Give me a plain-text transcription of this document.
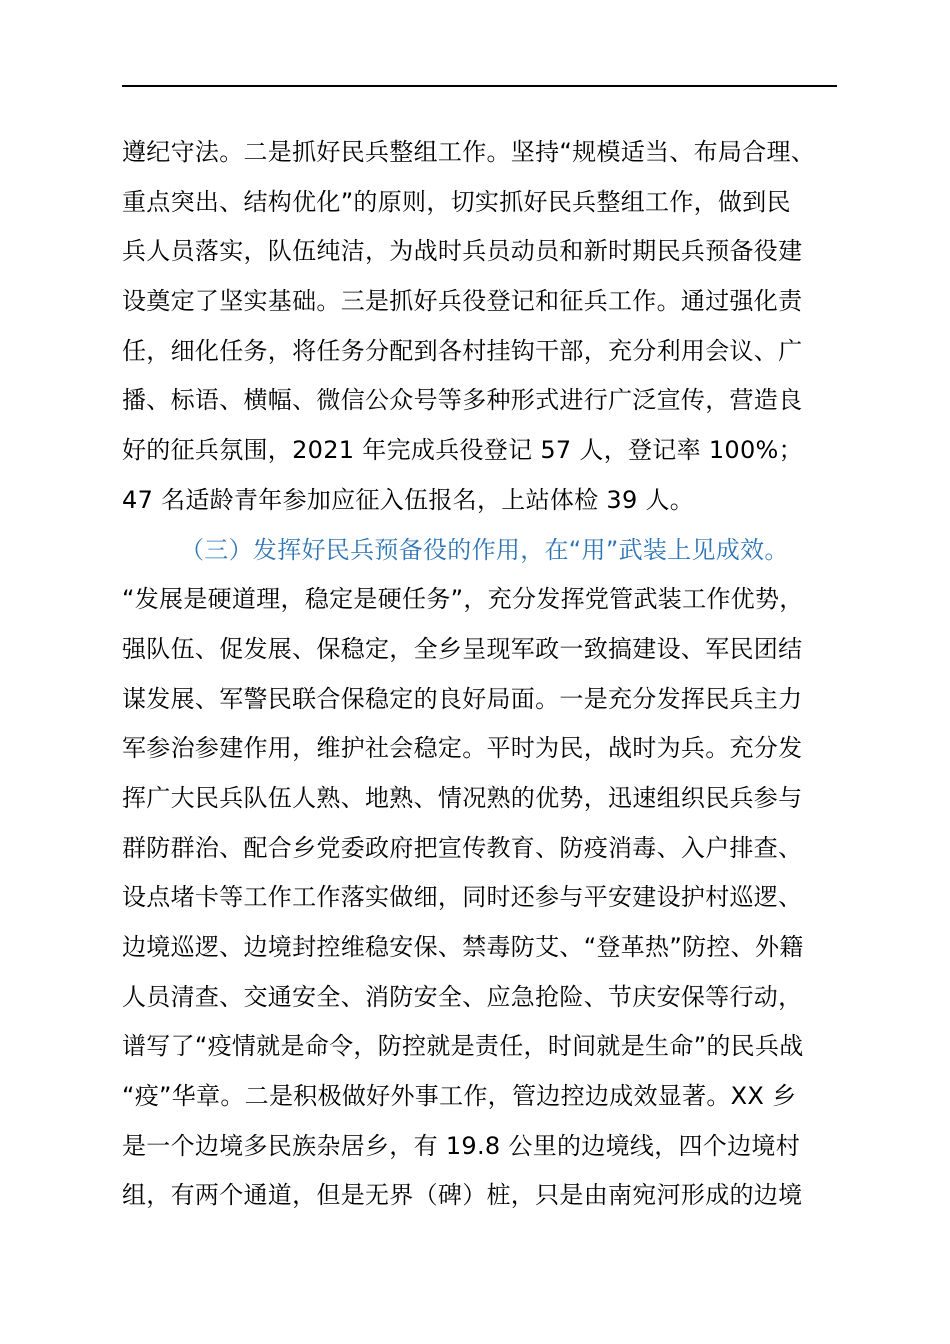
遵纪守法。二是抓好民兵整组工作。坚持“规模适当、布局合理、
重点突出、结构优化”的原则，切实抓好民兵整组工作，做到民
兵人员落实，队伍纯洁，为战时兵员动员和新时期民兵预备役建
设奠定了坚实基础。三是抓好兵役登记和征兵工作。通过强化责
任，细化任务，将任务分配到各村挂钩干部，充分利用会议、广
播、标语、横幅、微信公众号等多种形式进行广泛宣传，营造良
好的征兵氛围，2021 年完成兵役登记 57 人，登记率 100%；
47 名适龄青年参加应征入伍报名，上站体检 39 人。
（三）发挥好民兵预备役的作用，在“用”武装上见成效。
“发展是硬道理，稳定是硬任务”，充分发挥党管武装工作优势，
强队伍、促发展、保稳定，全乡呈现军政一致搞建设、军民团结
谋发展、军警民联合保稳定的良好局面。一是充分发挥民兵主力
军参治参建作用，维护社会稳定。平时为民，战时为兵。充分发
挥广大民兵队伍人熟、地熟、情况熟的优势，迅速组织民兵参与
群防群治、配合乡党委政府把宣传教育、防疫消毒、入户排查、
设点堵卡等工作工作落实做细，同时还参与平安建设护村巡逻、
边境巡逻、边境封控维稳安保、禁毒防艾、“登革热”防控、外籍
人员清查、交通安全、消防安全、应急抢险、节庆安保等行动，
谱写了“疫情就是命令，防控就是责任，时间就是生命”的民兵战
“疫”华章。二是积极做好外事工作，管边控边成效显著。XX 乡
是一个边境多民族杂居乡，有 19.8 公里的边境线，四个边境村
组，有两个通道，但是无界（碑）桩，只是由南宛河形成的边境
